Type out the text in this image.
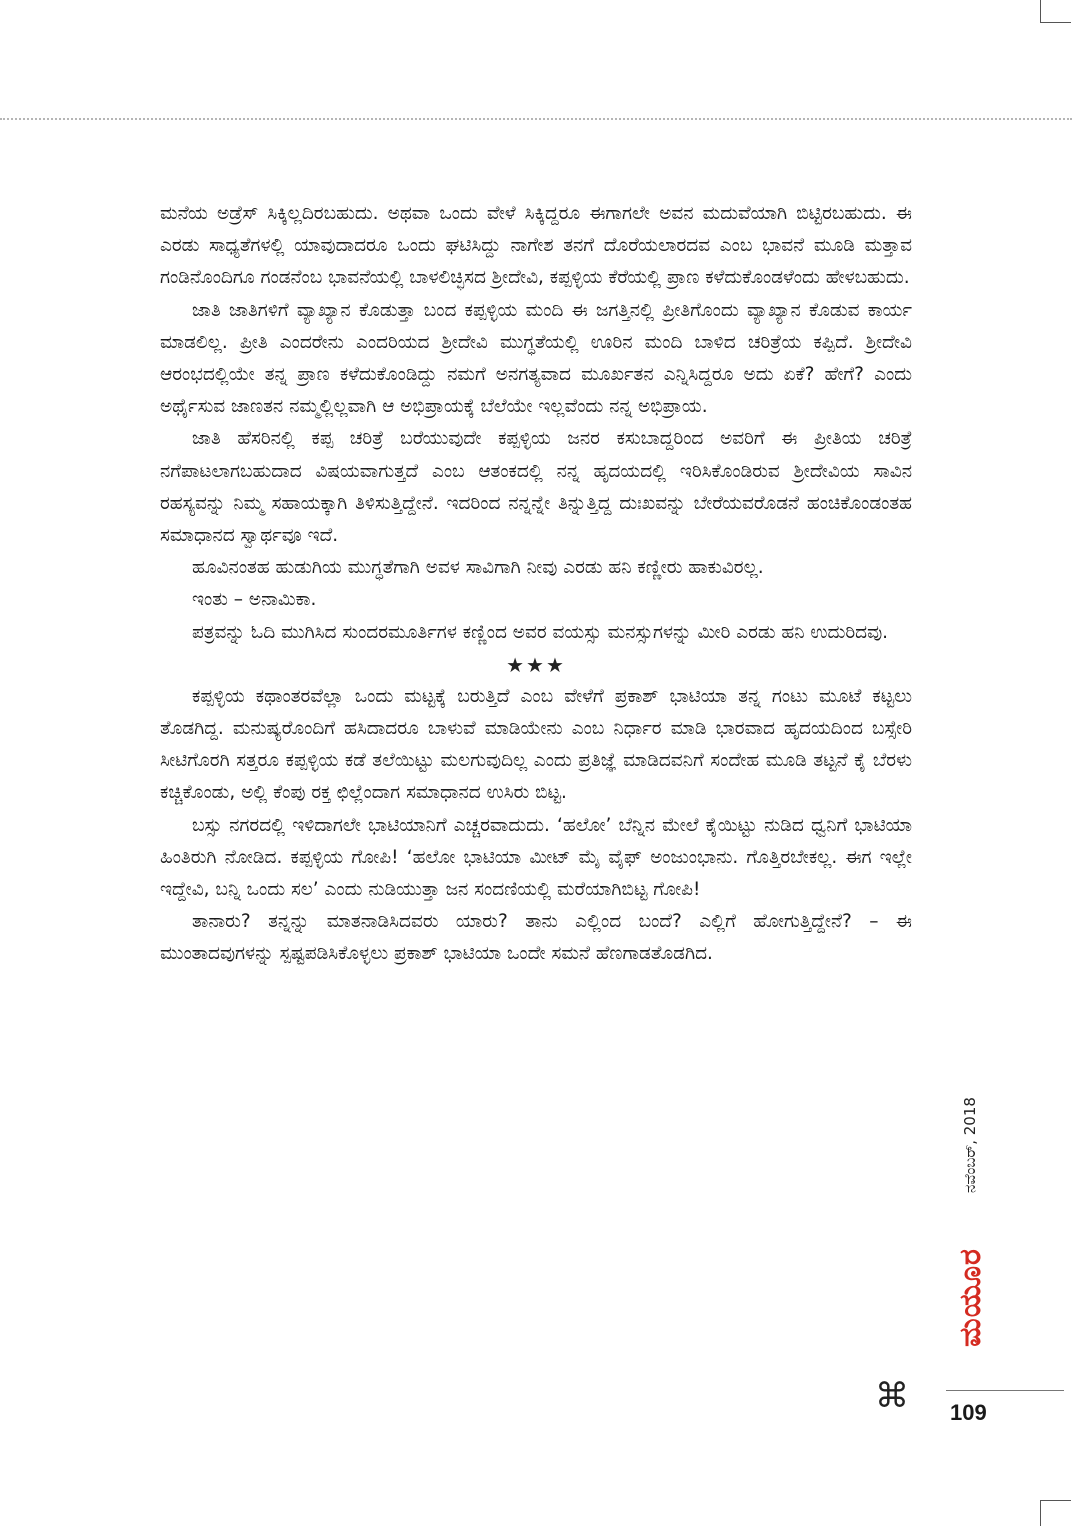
ಮನೆಯ ಅಡ್ರೆಸ್ ಸಿಕ್ಕಿಲ್ಲದಿರಬಹುದು. ಅಥವಾ ಒಂದು ವೇಳೆ ಸಿಕ್ಕಿದ್ದರೂ ಈಗಾಗಲೇ ಅವನ ಮದುವೆಯಾಗಿ ಬಿಟ್ಟಿರಬಹುದು. ಈ ಎರಡು ಸಾಧ್ಯತೆಗಳಲ್ಲಿ ಯಾವುದಾದರೂ ಒಂದು ಘಟಿಸಿದ್ದು ನಾಗೇಶ ತನಗೆ ದೊರೆಯಲಾರದವ ಎಂಬ ಭಾವನೆ ಮೂಡಿ ಮತ್ತಾವ ಗಂಡಿನೊಂದಿಗೂ ಗಂಡನೆಂಬ ಭಾವನೆಯಲ್ಲಿ ಬಾಳಲಿಚ್ಛಿಸದ ಶ್ರೀದೇವಿ, ಕಪ್ಪಳ್ಳಿಯ ಕೆರೆಯಲ್ಲಿ ಪ್ರಾಣ ಕಳೆದುಕೊಂಡಳೆಂದು ಹೇಳಬಹುದು.

ಜಾತಿ ಜಾತಿಗಳಿಗೆ ವ್ಯಾಖ್ಯಾನ ಕೊಡುತ್ತಾ ಬಂದ ಕಪ್ಪಳ್ಳಿಯ ಮಂದಿ ಈ ಜಗತ್ತಿನಲ್ಲಿ ಪ್ರೀತಿಗೊಂದು ವ್ಯಾಖ್ಯಾನ ಕೊಡುವ ಕಾರ್ಯ ಮಾಡಲಿಲ್ಲ. ಪ್ರೀತಿ ಎಂದರೇನು ಎಂದರಿಯದ ಶ್ರೀದೇವಿ ಮುಗ್ಧತೆಯಲ್ಲಿ ಊರಿನ ಮಂದಿ ಬಾಳಿದ ಚರಿತ್ರೆಯ ಕಪ್ಪಿದೆ. ಶ್ರೀದೇವಿ ಆರಂಭದಲ್ಲಿಯೇ ತನ್ನ ಪ್ರಾಣ ಕಳೆದುಕೊಂಡಿದ್ದು ನಮಗೆ ಅನಗತ್ಯವಾದ ಮೂರ್ಖತನ ಎನ್ನಿಸಿದ್ದರೂ ಅದು ಏಕೆ? ಹೇಗೆ? ಎಂದು ಅರ್ಥೈಸುವ ಜಾಣತನ ನಮ್ಮಲ್ಲಿಲ್ಲವಾಗಿ ಆ ಅಭಿಪ್ರಾಯಕ್ಕೆ ಬೆಲೆಯೇ ಇಲ್ಲವೆಂದು ನನ್ನ ಅಭಿಪ್ರಾಯ.

ಜಾತಿ ಹೆಸರಿನಲ್ಲಿ ಕಪ್ಪ ಚರಿತ್ರೆ ಬರೆಯುವುದೇ ಕಪ್ಪಳ್ಳಿಯ ಜನರ ಕಸುಬಾದ್ದರಿಂದ ಅವರಿಗೆ ಈ ಪ್ರೀತಿಯ ಚರಿತ್ರೆ ನಗೆಪಾಟಲಾಗಬಹುದಾದ ವಿಷಯವಾಗುತ್ತದೆ ಎಂಬ ಆತಂಕದಲ್ಲಿ ನನ್ನ ಹೃದಯದಲ್ಲಿ ಇರಿಸಿಕೊಂಡಿರುವ ಶ್ರೀದೇವಿಯ ಸಾವಿನ ರಹಸ್ಯವನ್ನು ನಿಮ್ಮ ಸಹಾಯಕ್ಕಾಗಿ ತಿಳಿಸುತ್ತಿದ್ದೇನೆ. ಇದರಿಂದ ನನ್ನನ್ನೇ ತಿನ್ನುತ್ತಿದ್ದ ದುಃಖವನ್ನು ಬೇರೆಯವರೊಡನೆ ಹಂಚಿಕೊಂಡಂತಹ ಸಮಾಧಾನದ ಸ್ವಾರ್ಥವೂ ಇದೆ.

ಹೂವಿನಂತಹ ಹುಡುಗಿಯ ಮುಗ್ಧತೆಗಾಗಿ ಅವಳ ಸಾವಿಗಾಗಿ ನೀವು ಎರಡು ಹನಿ ಕಣ್ಣೀರು ಹಾಕುವಿರಲ್ಲ.

ಇಂತು – ಅನಾಮಿಕಾ.

ಪತ್ರವನ್ನು ಓದಿ ಮುಗಿಸಿದ ಸುಂದರಮೂರ್ತಿಗಳ ಕಣ್ಣಿಂದ ಅವರ ವಯಸ್ಸು ಮನಸ್ಸುಗಳನ್ನು ಮೀರಿ ಎರಡು ಹನಿ ಉದುರಿದವು.

★★★

ಕಪ್ಪಳ್ಳಿಯ ಕಥಾಂತರವೆಲ್ಲಾ ಒಂದು ಮಟ್ಟಕ್ಕೆ ಬರುತ್ತಿದೆ ಎಂಬ ವೇಳೆಗೆ ಪ್ರಕಾಶ್ ಭಾಟಿಯಾ ತನ್ನ ಗಂಟು ಮೂಟೆ ಕಟ್ಟಲು ತೊಡಗಿದ್ದ. ಮನುಷ್ಯರೊಂದಿಗೆ ಹಸಿದಾದರೂ ಬಾಳುವೆ ಮಾಡಿಯೇನು ಎಂಬ ನಿರ್ಧಾರ ಮಾಡಿ ಭಾರವಾದ ಹೃದಯದಿಂದ ಬಸ್ಸೇರಿ ಸೀಟಿಗೊರಗಿ ಸತ್ತರೂ ಕಪ್ಪಳ್ಳಿಯ ಕಡೆ ತಲೆಯಿಟ್ಟು ಮಲಗುವುದಿಲ್ಲ ಎಂದು ಪ್ರತಿಜ್ಞೆ ಮಾಡಿದವನಿಗೆ ಸಂದೇಹ ಮೂಡಿ ತಟ್ಟನೆ ಕೈ ಬೆರಳು ಕಚ್ಚಿಕೊಂಡು, ಅಲ್ಲಿ ಕೆಂಪು ರಕ್ತ ಛಿಲ್ಲೆಂದಾಗ ಸಮಾಧಾನದ ಉಸಿರು ಬಿಟ್ಟ.

ಬಸ್ಸು ನಗರದಲ್ಲಿ ಇಳಿದಾಗಲೇ ಭಾಟಿಯಾನಿಗೆ ಎಚ್ಚರವಾದುದು. ‘ಹಲೋ’ ಬೆನ್ನಿನ ಮೇಲೆ ಕೈಯಿಟ್ಟು ನುಡಿದ ಧ್ವನಿಗೆ ಭಾಟಿಯಾ ಹಿಂತಿರುಗಿ ನೋಡಿದ. ಕಪ್ಪಳ್ಳಿಯ ಗೋಪಿ! ‘ಹಲೋ ಭಾಟಿಯಾ ಮೀಟ್ ಮೈ ವೈಫ್ ಅಂಜುಂಭಾನು. ಗೊತ್ತಿರಬೇಕಲ್ಲ. ಈಗ ಇಲ್ಲೇ ಇದ್ದೇವಿ, ಬನ್ನಿ ಒಂದು ಸಲ’ ಎಂದು ನುಡಿಯುತ್ತಾ ಜನ ಸಂದಣಿಯಲ್ಲಿ ಮರೆಯಾಗಿಬಿಟ್ಟ ಗೋಪಿ!

ತಾನಾರು? ತನ್ನನ್ನು ಮಾತನಾಡಿಸಿದವರು ಯಾರು? ತಾನು ಎಲ್ಲಿಂದ ಬಂದೆ? ಎಲ್ಲಿಗೆ ಹೋಗುತ್ತಿದ್ದೇನೆ? – ಈ ಮುಂತಾದವುಗಳನ್ನು ಸ್ಪಷ್ಟಪಡಿಸಿಕೊಳ್ಳಲು ಪ್ರಕಾಶ್ ಭಾಟಿಯಾ ಒಂದೇ ಸಮನೆ ಹೆಣಗಾಡತೊಡಗಿದ.

⌘
ನವೆಂಬರ್, 2018
ಮಯೂರ
109
